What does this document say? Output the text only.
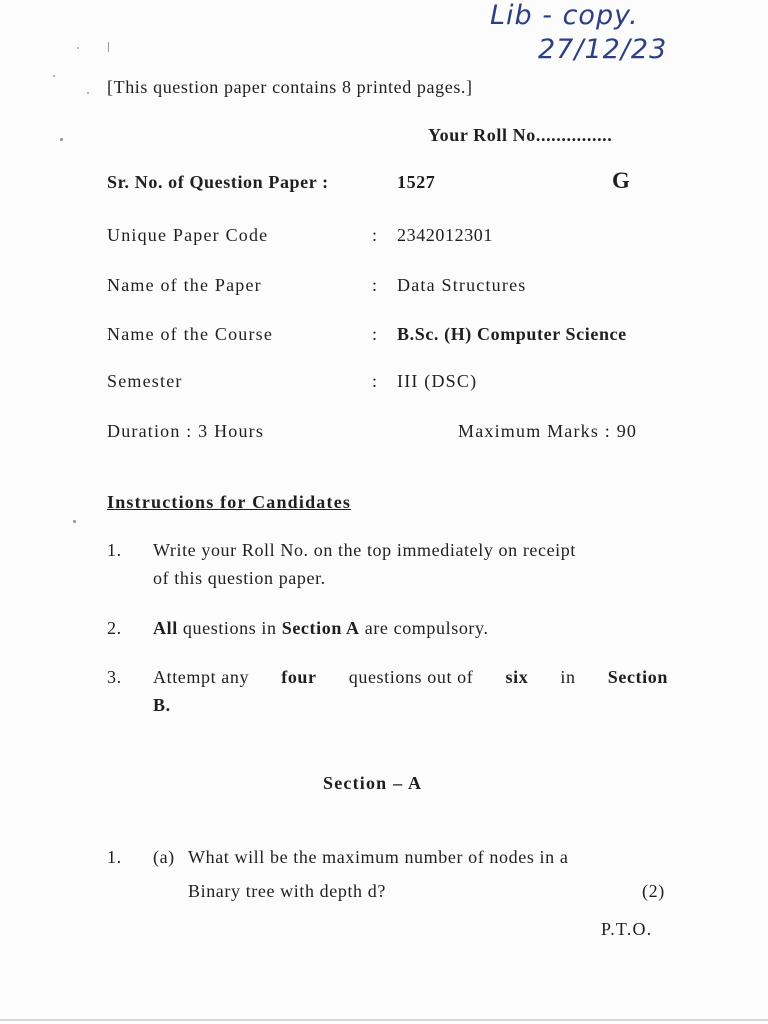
Lib - copy.
27/12/23
[This question paper contains 8 printed pages.]
Your Roll No...............
Sr. No. of Question Paper :	1527	G
Unique Paper Code	: 2342012301
Name of the Paper	: Data Structures
Name of the Course	: B.Sc. (H) Computer Science
Semester	: III (DSC)
Duration : 3 Hours	Maximum Marks : 90
Instructions for Candidates
1. Write your Roll No. on the top immediately on receipt
of this question paper.
2. All questions in Section A are compulsory.
3. Attempt any four questions out of six in Section
B.
Section – A
1. (a) What will be the maximum number of nodes in a
Binary tree with depth d?	(2)
P.T.O.
